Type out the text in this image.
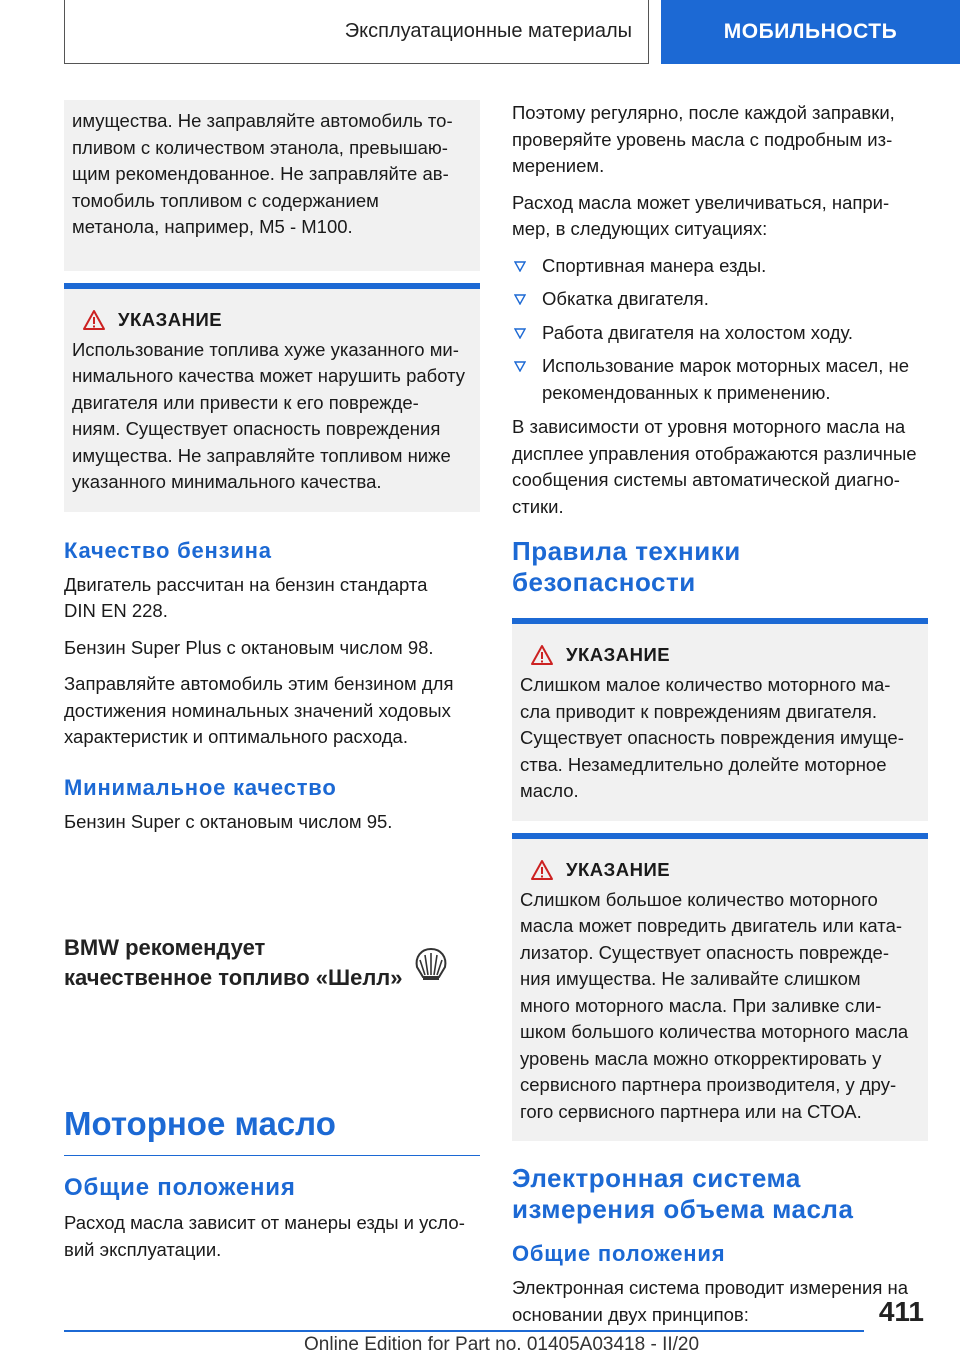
Эксплуатационные материалы	МОБИЛЬНОСТЬ

имущества. Не заправляйте автомобиль то-
пливом с количеством этанола, превышаю-
щим рекомендованное. Не заправляйте ав-
томобиль топливом с содержанием
метанола, например, M5 - M100.

УКАЗАНИЕ

Использование топлива хуже указанного ми-
нимального качества может нарушить работу
двигателя или привести к его поврежде-
ниям. Существует опасность повреждения
имущества. Не заправляйте топливом ниже
указанного минимального качества.

Качество бензина

Двигатель рассчитан на бензин стандарта
DIN EN 228.

Бензин Super Plus с октановым числом 98.

Заправляйте автомобиль этим бензином для
достижения номинальных значений ходовых
характеристик и оптимального расхода.

Минимальное качество

Бензин Super с октановым числом 95.

BMW рекомендует
качественное топливо «Шелл»
Моторное масло
Общие положения

Расход масла зависит от манеры езды и усло-
вий эксплуатации.

Поэтому регулярно, после каждой заправки,
проверяйте уровень масла с подробным из-
мерением.

Расход масла может увеличиваться, напри-
мер, в следующих ситуациях:

Спортивная манера езды.
Обкатка двигателя.
Работа двигателя на холостом ходу.
Использование марок моторных масел, не
рекомендованных к применению.

В зависимости от уровня моторного масла на
дисплее управления отображаются различные
сообщения системы автоматической диагно-
стики.

Правила техники безопасности
УКАЗАНИЕ

Слишком малое количество моторного ма-
сла приводит к повреждениям двигателя.
Существует опасность повреждения имуще-
ства. Незамедлительно долейте моторное
масло.

УКАЗАНИЕ

Слишком большое количество моторного
масла может повредить двигатель или ката-
лизатор. Существует опасность поврежде-
ния имущества. Не заливайте слишком
много моторного масла. При заливке сли-
шком большого количества моторного масла
уровень масла можно откорректировать у
сервисного партнера производителя, у дру-
гого сервисного партнера или на СТОА.

Электронная система
измерения объема масла
Общие положения

Электронная система проводит измерения на
основании двух принципов:	411
Online Edition for Part no. 01405A03418 - II/20
